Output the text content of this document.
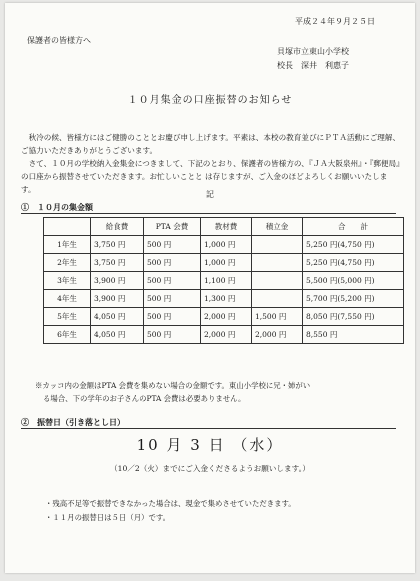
平成２４年９月２５日
保護者の皆様方へ
貝塚市立東山小学校
校長　深井　利惠子
１０月集金の口座振替のお知らせ

秋冷の候、皆様方にはご健勝のこととお慶び申し上げます。平素は、本校の教育並びにＰＴＡ活動にご理解、ご協力いただきありがとうございます。

さて、１０月の学校納入金集金につきまして、下記のとおり、保護者の皆様方の、『ＪＡ大阪泉州』・『郵便局』の口座から振替させていただきます。お忙しいことと は存じますが、ご入金のほどよろしくお願いいたします。

記
①　１０月の集金額
	給食費	PTA 会費	教材費	積立金	合　　計
1年生	3,750 円	500 円	1,000 円		5,250 円(4,750 円)
2年生	3,750 円	500 円	1,000 円		5,250 円(4,750 円)
3年生	3,900 円	500 円	1,100 円		5,500 円(5,000 円)
4年生	3,900 円	500 円	1,300 円		5,700 円(5,200 円)
5年生	4,050 円	500 円	2,000 円	1,500 円	8,050 円(7,550 円)
6年生	4,050 円	500 円	2,000 円	2,000 円	8,550 円

※カッコ内の金額はPTA 会費を集めない場合の金額です。東山小学校に兄・姉がい

る場合、下の学年のお子さんのPTA 会費は必要ありません。

②　振替日（引き落とし日）
10 月 3 日 （水）
（10／2（火）までにご入金くださるようお願いします。）
・残高不足等で振替できなかった場合は、現金で集めさせていただきます。
・１１月の振替日は５日（月）です。
